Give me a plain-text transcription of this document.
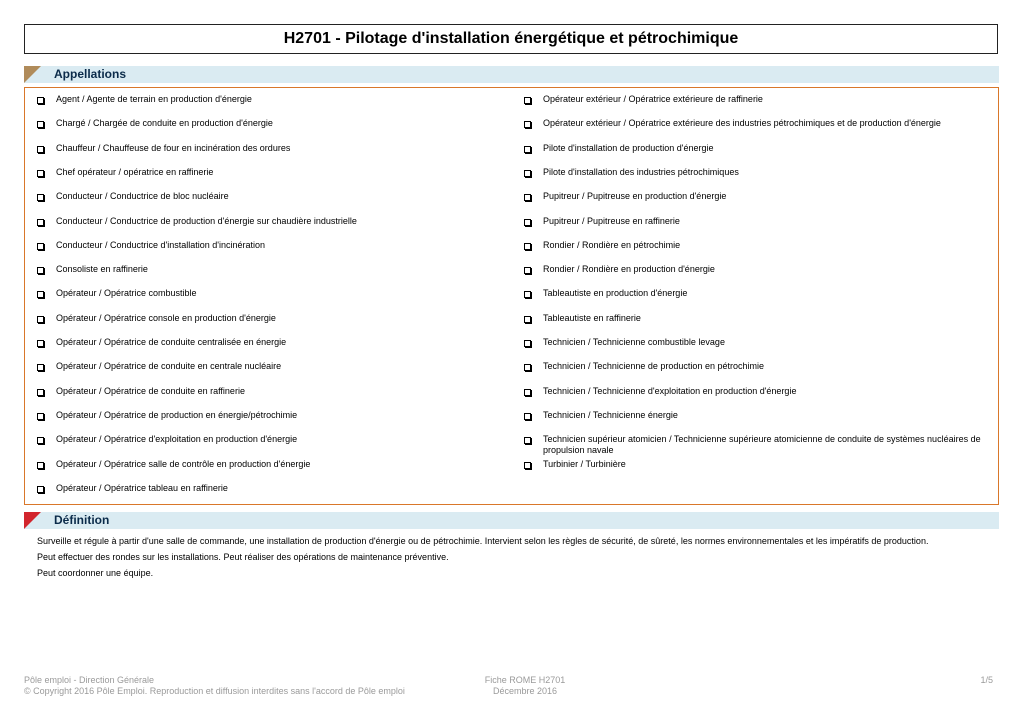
H2701 - Pilotage d'installation énergétique et pétrochimique
Appellations
Agent / Agente de terrain en production d'énergie
Chargé / Chargée de conduite en production d'énergie
Chauffeur / Chauffeuse de four en incinération des ordures
Chef opérateur / opératrice en raffinerie
Conducteur / Conductrice de bloc nucléaire
Conducteur / Conductrice de production d'énergie sur chaudière industrielle
Conducteur / Conductrice d'installation d'incinération
Consoliste en raffinerie
Opérateur / Opératrice combustible
Opérateur / Opératrice console en production d'énergie
Opérateur / Opératrice de conduite centralisée en énergie
Opérateur / Opératrice de conduite en centrale nucléaire
Opérateur / Opératrice de conduite en raffinerie
Opérateur / Opératrice de production en énergie/pétrochimie
Opérateur / Opératrice d'exploitation en production d'énergie
Opérateur / Opératrice salle de contrôle en production d'énergie
Opérateur / Opératrice tableau en raffinerie
Opérateur extérieur / Opératrice extérieure de raffinerie
Opérateur extérieur / Opératrice extérieure des industries pétrochimiques et de production d'énergie
Pilote d'installation de production d'énergie
Pilote d'installation des industries pétrochimiques
Pupitreur / Pupitreuse en production d'énergie
Pupitreur / Pupitreuse en raffinerie
Rondier / Rondière en pétrochimie
Rondier / Rondière en production d'énergie
Tableautiste en production d'énergie
Tableautiste en raffinerie
Technicien / Technicienne combustible levage
Technicien / Technicienne de production en pétrochimie
Technicien / Technicienne d'exploitation en production d'énergie
Technicien / Technicienne énergie
Technicien supérieur atomicien / Technicienne supérieure atomicienne de conduite de systèmes nucléaires de propulsion navale
Turbinier / Turbinière
Définition

Surveille et régule à partir d'une salle de commande, une installation de production d'énergie ou de pétrochimie. Intervient selon les règles de sécurité, de sûreté, les normes environnementales et les impératifs de production.

Peut effectuer des rondes sur les installations. Peut réaliser des opérations de maintenance préventive.

Peut coordonner une équipe.

Pôle emploi - Direction Générale
© Copyright 2016 Pôle Emploi. Reproduction et diffusion interdites sans l'accord de Pôle emploi
Fiche ROME H2701
Décembre 2016
1/5
